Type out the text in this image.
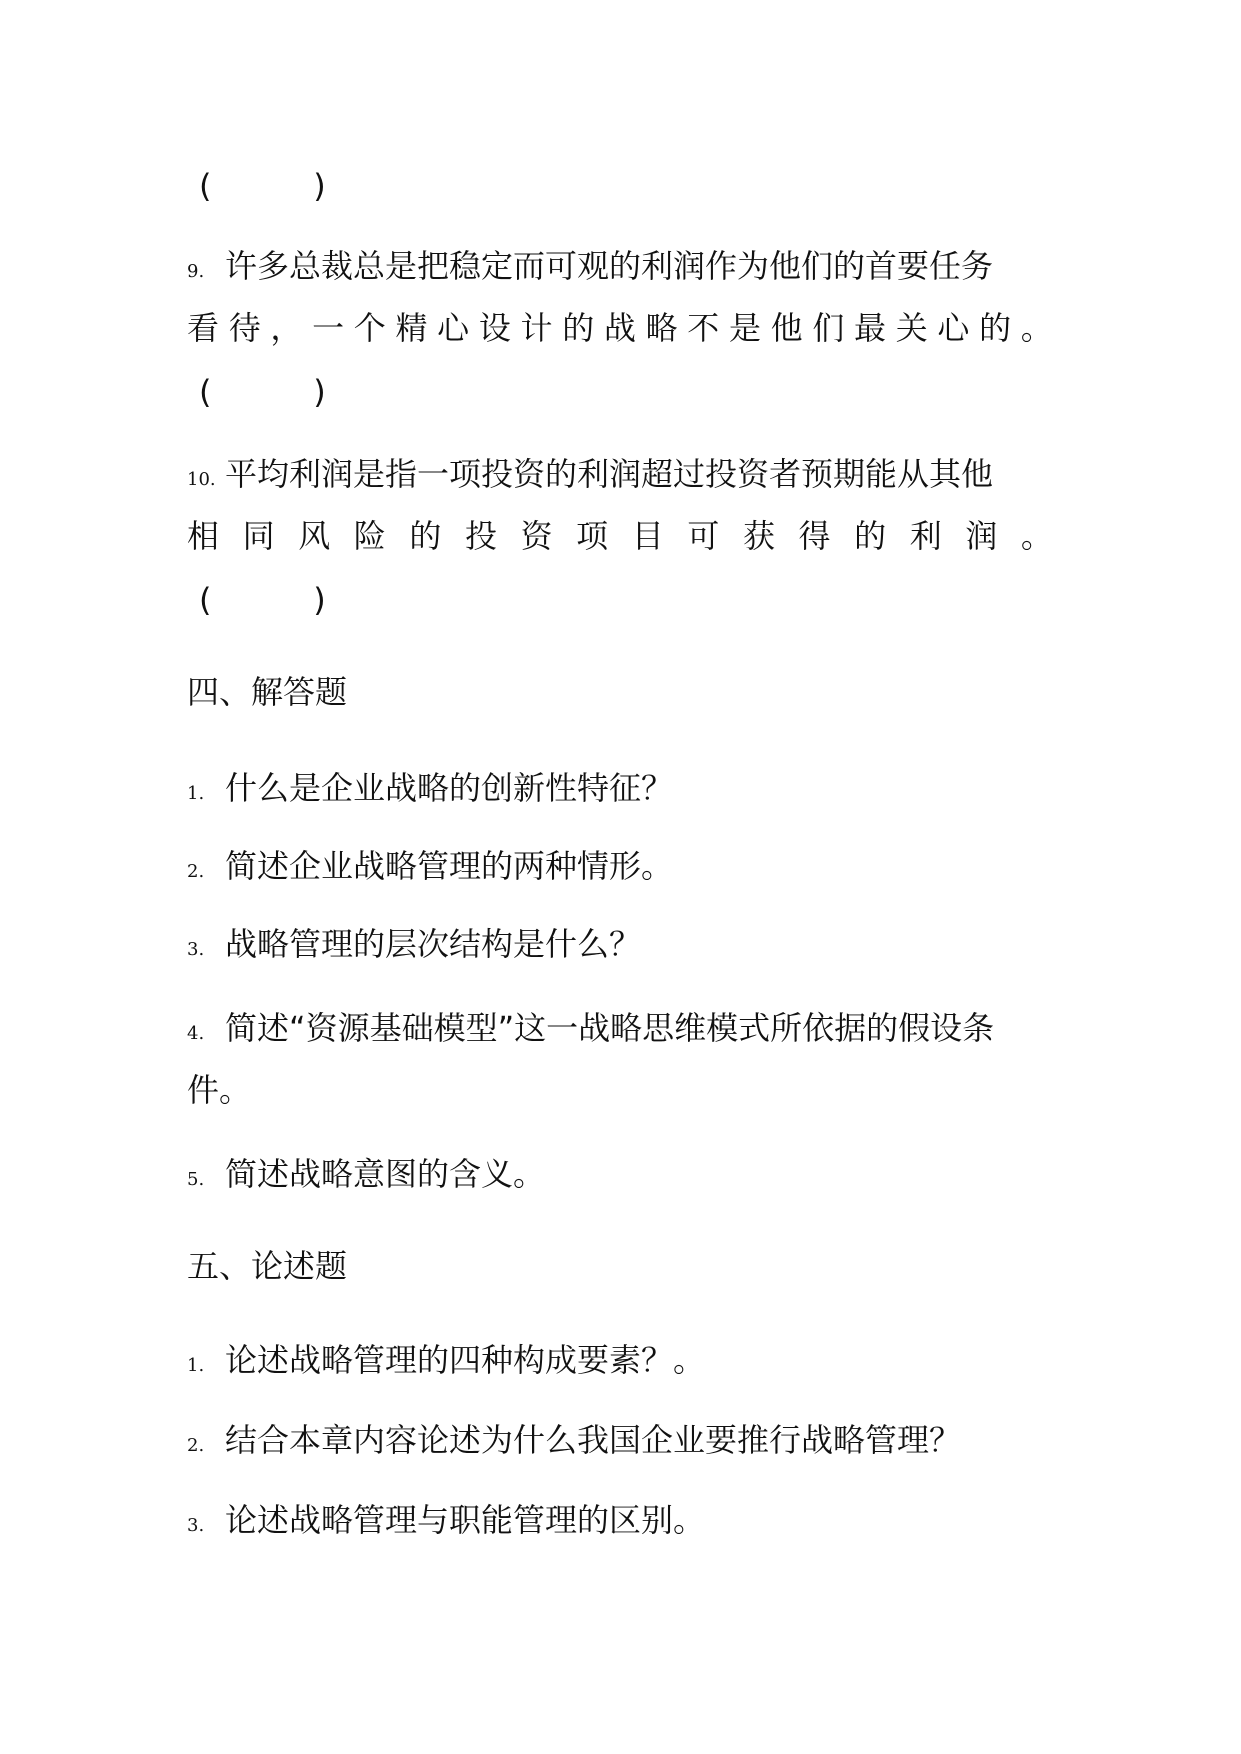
(          )
9. 许多总裁总是把稳定而可观的利润作为他们的首要任务
看 待 ， 一 个 精 心 设 计 的 战 略 不 是 他 们 最 关 心 的 。
(          )
10. 平均利润是指一项投资的利润超过投资者预期能从其他
相 同 风 险 的 投 资 项 目 可 获 得 的 利 润 。
(          )
四、解答题
1. 什么是企业战略的创新性特征？
2. 简述企业战略管理的两种情形。
3. 战略管理的层次结构是什么？
4. 简述“资源基础模型”这一战略思维模式所依据的假设条
件。
5. 简述战略意图的含义。
五、论述题
1. 论述战略管理的四种构成要素？。
2. 结合本章内容论述为什么我国企业要推行战略管理？
3. 论述战略管理与职能管理的区别。
